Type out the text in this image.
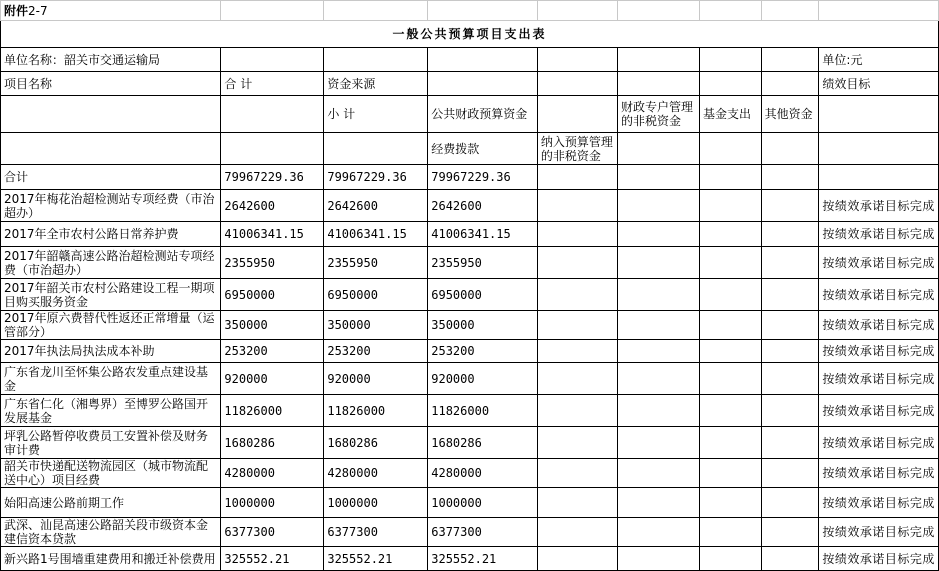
附件2-7								
一般公共预算项目支出表								
单位名称：韶关市交通运输局								单位:元
项目名称	合 计	资金来源						绩效目标
		小 计	公共财政预算资金		财政专户管理的非税资金	基金支出	其他资金	
			经费拨款	纳入预算管理的非税资金				
合计	79967229.36	79967229.36	79967229.36					
2017年梅花治超检测站专项经费（市治超办）	2642600	2642600	2642600					按绩效承诺目标完成
2017年全市农村公路日常养护费	41006341.15	41006341.15	41006341.15					按绩效承诺目标完成
2017年韶赣高速公路治超检测站专项经费（市治超办）	2355950	2355950	2355950					按绩效承诺目标完成
2017年韶关市农村公路建设工程一期项目购买服务资金	6950000	6950000	6950000					按绩效承诺目标完成
2017年原六费替代性返还正常增量（运管部分）	350000	350000	350000					按绩效承诺目标完成
2017年执法局执法成本补助	253200	253200	253200					按绩效承诺目标完成
广东省龙川至怀集公路农发重点建设基金	920000	920000	920000					按绩效承诺目标完成
广东省仁化（湘粤界）至博罗公路国开发展基金	11826000	11826000	11826000					按绩效承诺目标完成
坪乳公路暂停收费员工安置补偿及财务审计费	1680286	1680286	1680286					按绩效承诺目标完成
韶关市快递配送物流园区（城市物流配送中心）项目经费	4280000	4280000	4280000					按绩效承诺目标完成
始阳高速公路前期工作	1000000	1000000	1000000					按绩效承诺目标完成
武深、汕昆高速公路韶关段市级资本金建信资本贷款	6377300	6377300	6377300					按绩效承诺目标完成
新兴路1号围墙重建费用和搬迁补偿费用	325552.21	325552.21	325552.21					按绩效承诺目标完成
